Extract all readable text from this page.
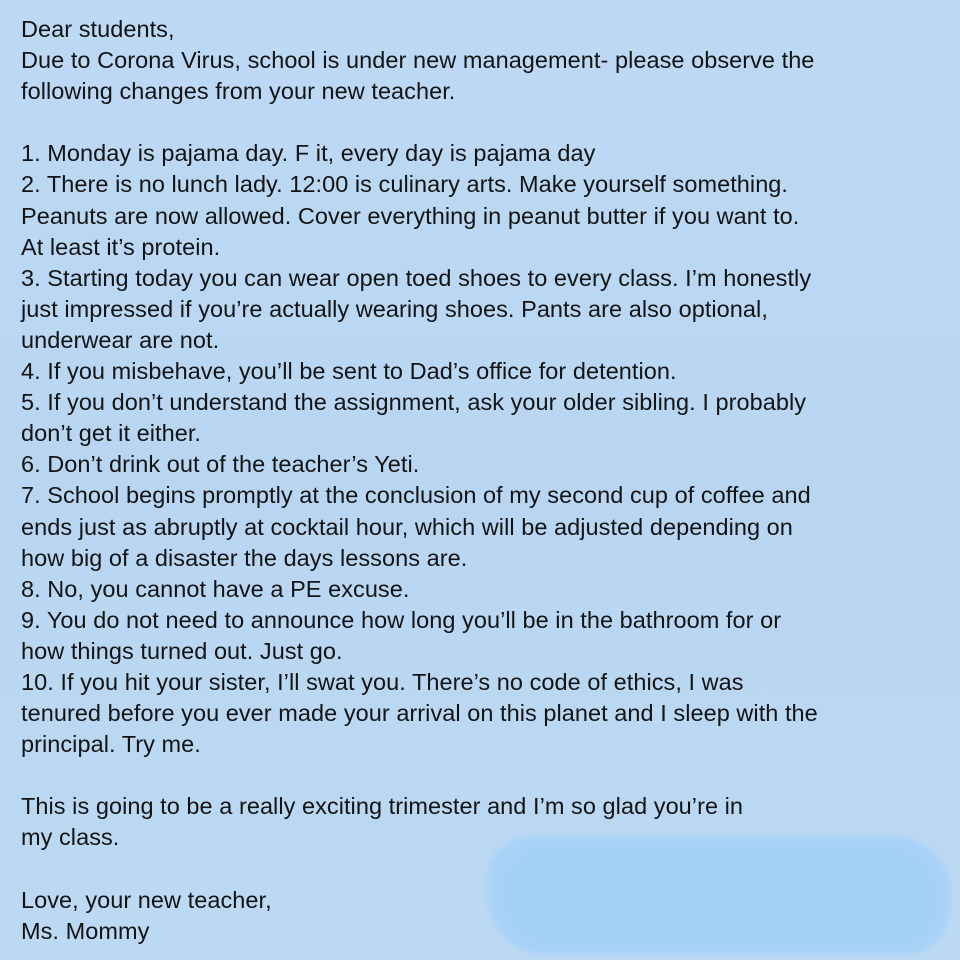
Dear students,
Due to Corona Virus, school is under new management- please observe the
following changes from your new teacher.
1. Monday is pajama day. F it, every day is pajama day
2. There is no lunch lady. 12:00 is culinary arts. Make yourself something.
Peanuts are now allowed. Cover everything in peanut butter if you want to.
At least it’s protein.
3. Starting today you can wear open toed shoes to every class. I’m honestly
just impressed if you’re actually wearing shoes. Pants are also optional,
underwear are not.
4. If you misbehave, you’ll be sent to Dad’s office for detention.
5. If you don’t understand the assignment, ask your older sibling. I probably
don’t get it either.
6. Don’t drink out of the teacher’s Yeti.
7. School begins promptly at the conclusion of my second cup of coffee and
ends just as abruptly at cocktail hour, which will be adjusted depending on
how big of a disaster the days lessons are.
8. No, you cannot have a PE excuse.
9. You do not need to announce how long you’ll be in the bathroom for or
how things turned out. Just go.
10. If you hit your sister, I’ll swat you. There’s no code of ethics, I was
tenured before you ever made your arrival on this planet and I sleep with the
principal. Try me.
This is going to be a really exciting trimester and I’m so glad you’re in
my class.
Love, your new teacher,
Ms. Mommy
